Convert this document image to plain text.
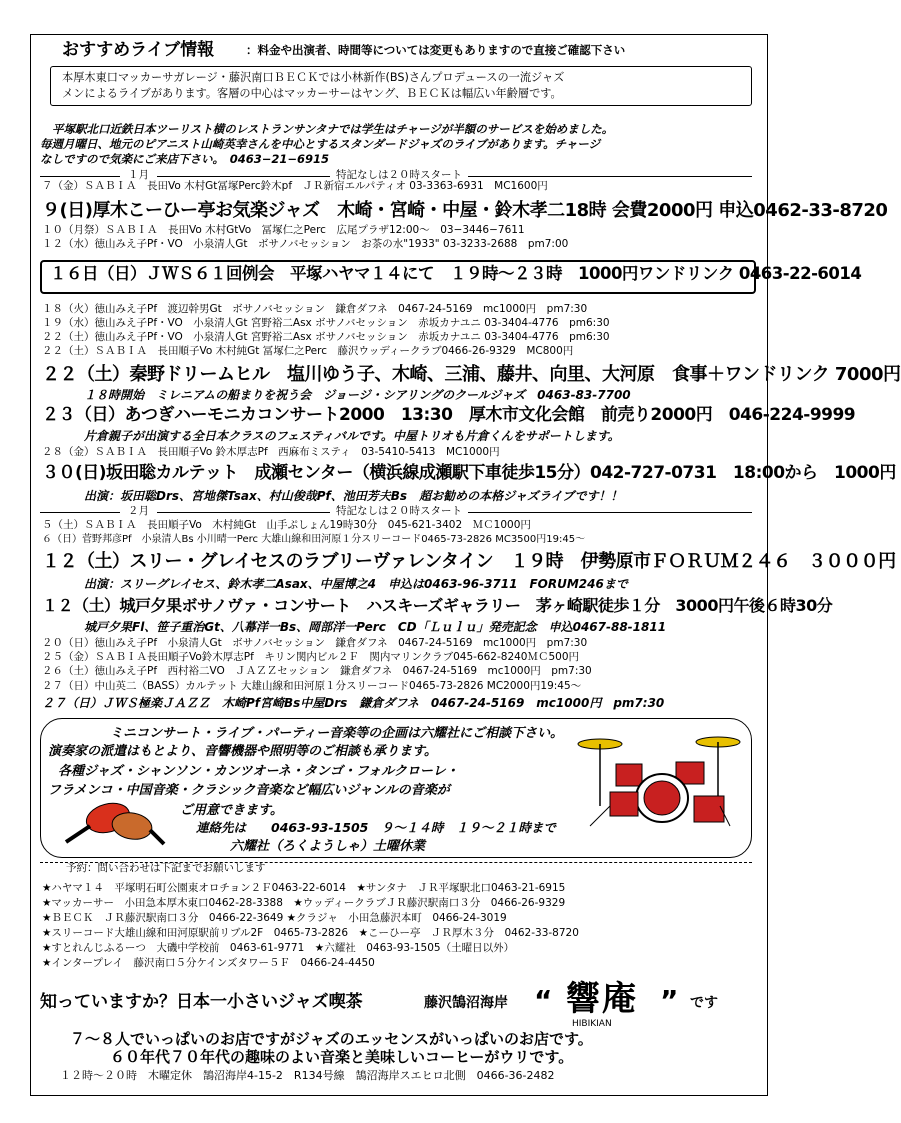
おすすめライブ情報	：料金や出演者、時間等については変更もありますので直接ご確認下さい
本厚木東口マッカーサガレージ・藤沢南口ＢＥＣＫでは小林新作(BS)さんプロデュースの一流ジャズ
メンによるライブがあります。客層の中心はマッカーサーはヤング、ＢＥＣＫは幅広い年齢層です。
平塚駅北口近鉄日本ツーリスト横のレストランサンタナでは学生はチャージが半額のサービスを始めました。
毎週月曜日、地元のピアニスト山崎英幸さんを中心とするスタンダードジャズのライブがあります。チャージ
なしですので気楽にご来店下さい。　0463−21−6915
１月	特記なしは２０時スタート
７（金）ＳＡＢＩＡ　長田Vo 木村Gt冨塚Perc鈴木pf　ＪＲ新宿エルパティオ 03-3363-6931　MC1600円
９(日)厚木こーひー亭お気楽ジャズ　木崎・宮崎・中屋・鈴木孝二18時 会費2000円 申込0462-33-8720
１０（月祭）ＳＡＢＩＡ　長田Vo 木村GtVo　冨塚仁之Perc　広尾プラザ12:00〜　03−3446−7611
１２（水）徳山みえ子Pf・VO　小泉清人Gt　ボサノバセッション　お茶の水"1933" 03-3233-2688　pm7:00
１６日（日）ＪＷＳ６１回例会　平塚ハヤマ１４にて　１９時〜２３時　1000円ワンドリンク 0463-22-6014
１８（火）徳山みえ子Pf　渡辺幹男Gt　ボサノバセッション　鎌倉ダフネ　0467-24-5169　mc1000円　pm7:30
１９（水）徳山みえ子Pf・VO　小泉清人Gt 宮野裕二Asx ボサノバセッション　赤坂カナユニ 03-3404-4776　pm6:30
２２（土）徳山みえ子Pf・VO　小泉清人Gt 宮野裕二Asx ボサノバセッション　赤坂カナユニ 03-3404-4776　pm6:30
２２（土）ＳＡＢＩＡ　長田順子Vo 木村純Gt 冨塚仁之Perc　藤沢ウッディークラブ0466-26-9329　MC800円
２２（土）秦野ドリームヒル　塩川ゆう子、木崎、三浦、藤井、向里、大河原　食事＋ワンドリンク 7000円
１８時開始　ミレニアムの船まりを祝う会　ジョージ・シアリングのクールジャズ　0463-83-7700
２３（日）あつぎハーモニカコンサート2000　13:30　厚木市文化会館　前売り2000円　046-224-9999
片倉親子が出演する全日本クラスのフェスティバルです。中屋トリオも片倉くんをサポートします。
２８（金）ＳＡＢＩＡ　長田順子Vo 鈴木厚志Pf　西麻布ミスティ　03-5410-5413　MC1000円
３０(日)坂田聡カルテット　成瀬センター（横浜線成瀬駅下車徒歩15分）042-727-0731　18:00から　1000円
出演：坂田聡Drs、宮地傑Tsax、村山俊哉Pf、池田芳夫Bs　超お勧めの本格ジャズライブです！！
２月	特記なしは２０時スタート
５（土）ＳＡＢＩＡ　長田順子Vo　木村純Gt　山手ぷしょん19時30分　045-621-3402　ＭＣ1000円
６（日）菅野邦彦Pf　小泉清人Bs 小川晴一Perc 大雄山線和田河原１分スリーコード0465-73-2826 MC3500円19:45〜
１２（土）スリー・グレイセスのラブリーヴァレンタイン　１９時　伊勢原市ＦＯＲＵＭ２４６　３０００円
出演：スリーグレイセス、鈴木孝二Asax、中屋博之4　申込は0463-96-3711　FORUM246まで
１２（土）城戸夕果ボサノヴァ・コンサート　ハスキーズギャラリー　茅ヶ崎駅徒歩１分　3000円午後６時30分
城戸夕果Fl、笹子重治Gt、八幕洋一Bs、岡部洋一Perc　CD「Ｌｕｌｕ」発売記念　申込0467-88-1811
２０（日）徳山みえ子Pf　小泉清人Gt　ボサノバセッション　鎌倉ダフネ　0467-24-5169　mc1000円　pm7:30
２５（金）ＳＡＢＩＡ長田順子Vo鈴木厚志Pf　キリン関内ビル２Ｆ　関内マリンクラブ045-662-8240ＭＣ500円
２６（土）徳山みえ子Pf　西村裕二VO　ＪＡＺＺセッション　鎌倉ダフネ　0467-24-5169　mc1000円　pm7:30
２７（日）中山英二（BASS）カルテット 大雄山線和田河原１分スリーコード0465-73-2826 MC2000円19:45〜
２７（日）ＪＷＳ極楽ＪＡＺＺ　木崎Pf宮崎Bs中屋Drs　鎌倉ダフネ　0467-24-5169　mc1000円　pm7:30
ミニコンサート・ライブ・パーティー音楽等の企画は六耀社にご相談下さい。
演奏家の派遣はもとより、音響機器や照明等のご相談も承ります。
各種ジャズ・シャンソン・カンツオーネ・タンゴ・フォルクローレ・
フラメンコ・中国音楽・クラシック音楽など幅広いジャンルの音楽が
ご用意できます。
連絡先は　　0463-93-1505　９〜１４時　１９〜２１時まで
六耀社（ろくようしゃ）土曜休業
予約：問い合わせは下記までお願いします
★ハヤマ１４　平塚明石町公園東オロチョン２Ｆ0463-22-6014　★サンタナ　ＪＲ平塚駅北口0463-21-6915
★マッカーサー　小田急本厚木東口0462-28-3388　★ウッディークラブＪＲ藤沢駅南口３分　0466-26-9329
★ＢＥＣＫ　ＪＲ藤沢駅南口３分　0466-22-3649 ★クラジャ　小田急藤沢本町　0466-24-3019
★スリーコード大雄山線和田河原駅前リブル2F　0465-73-2826　★こーひー亭　ＪＲ厚木３分　0462-33-8720
★すとれんじふるーつ　大磯中学校前　0463-61-9771　★六耀社　0463-93-1505（土曜日以外）
★インタープレイ　藤沢南口５分ケインズタワー５Ｆ　0466-24-4450
知っていますか？日本一小さいジャズ喫茶	藤沢鵠沼海岸 “ 響庵
HIBIKIAN
” です
７〜８人でいっぱいのお店ですがジャズのエッセンスがいっぱいのお店です。
６０年代７０年代の趣味のよい音楽と美味しいコーヒーがウリです。
１２時〜２０時　木曜定休　鵠沼海岸4-15-2　R134号線　鵠沼海岸スエヒロ北側　0466-36-2482
